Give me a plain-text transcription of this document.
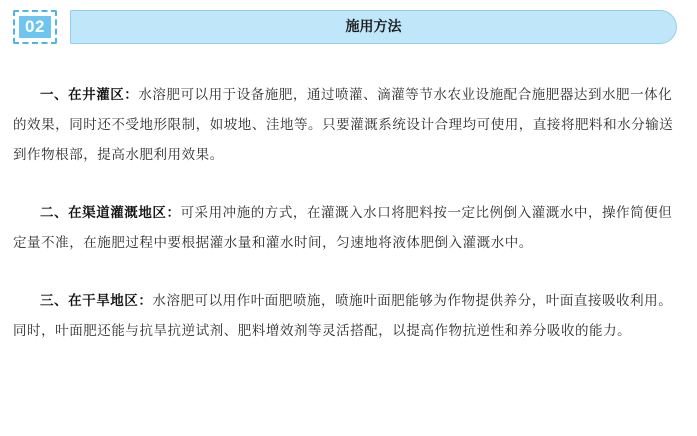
02	施用方法

一、在井灌区：水溶肥可以用于设备施肥，通过喷灌、滴灌等节水农业设施配合施肥器达到水肥一体化的效果，同时还不受地形限制，如坡地、洼地等。只要灌溉系统设计合理均可使用，直接将肥料和水分输送到作物根部，提高水肥利用效果。

二、在渠道灌溉地区：可采用冲施的方式，在灌溉入水口将肥料按一定比例倒入灌溉水中，操作简便但定量不准，在施肥过程中要根据灌水量和灌水时间，匀速地将液体肥倒入灌溉水中。

三、在干旱地区：水溶肥可以用作叶面肥喷施，喷施叶面肥能够为作物提供养分，叶面直接吸收利用。同时，叶面肥还能与抗旱抗逆试剂、肥料增效剂等灵活搭配，以提高作物抗逆性和养分吸收的能力。
